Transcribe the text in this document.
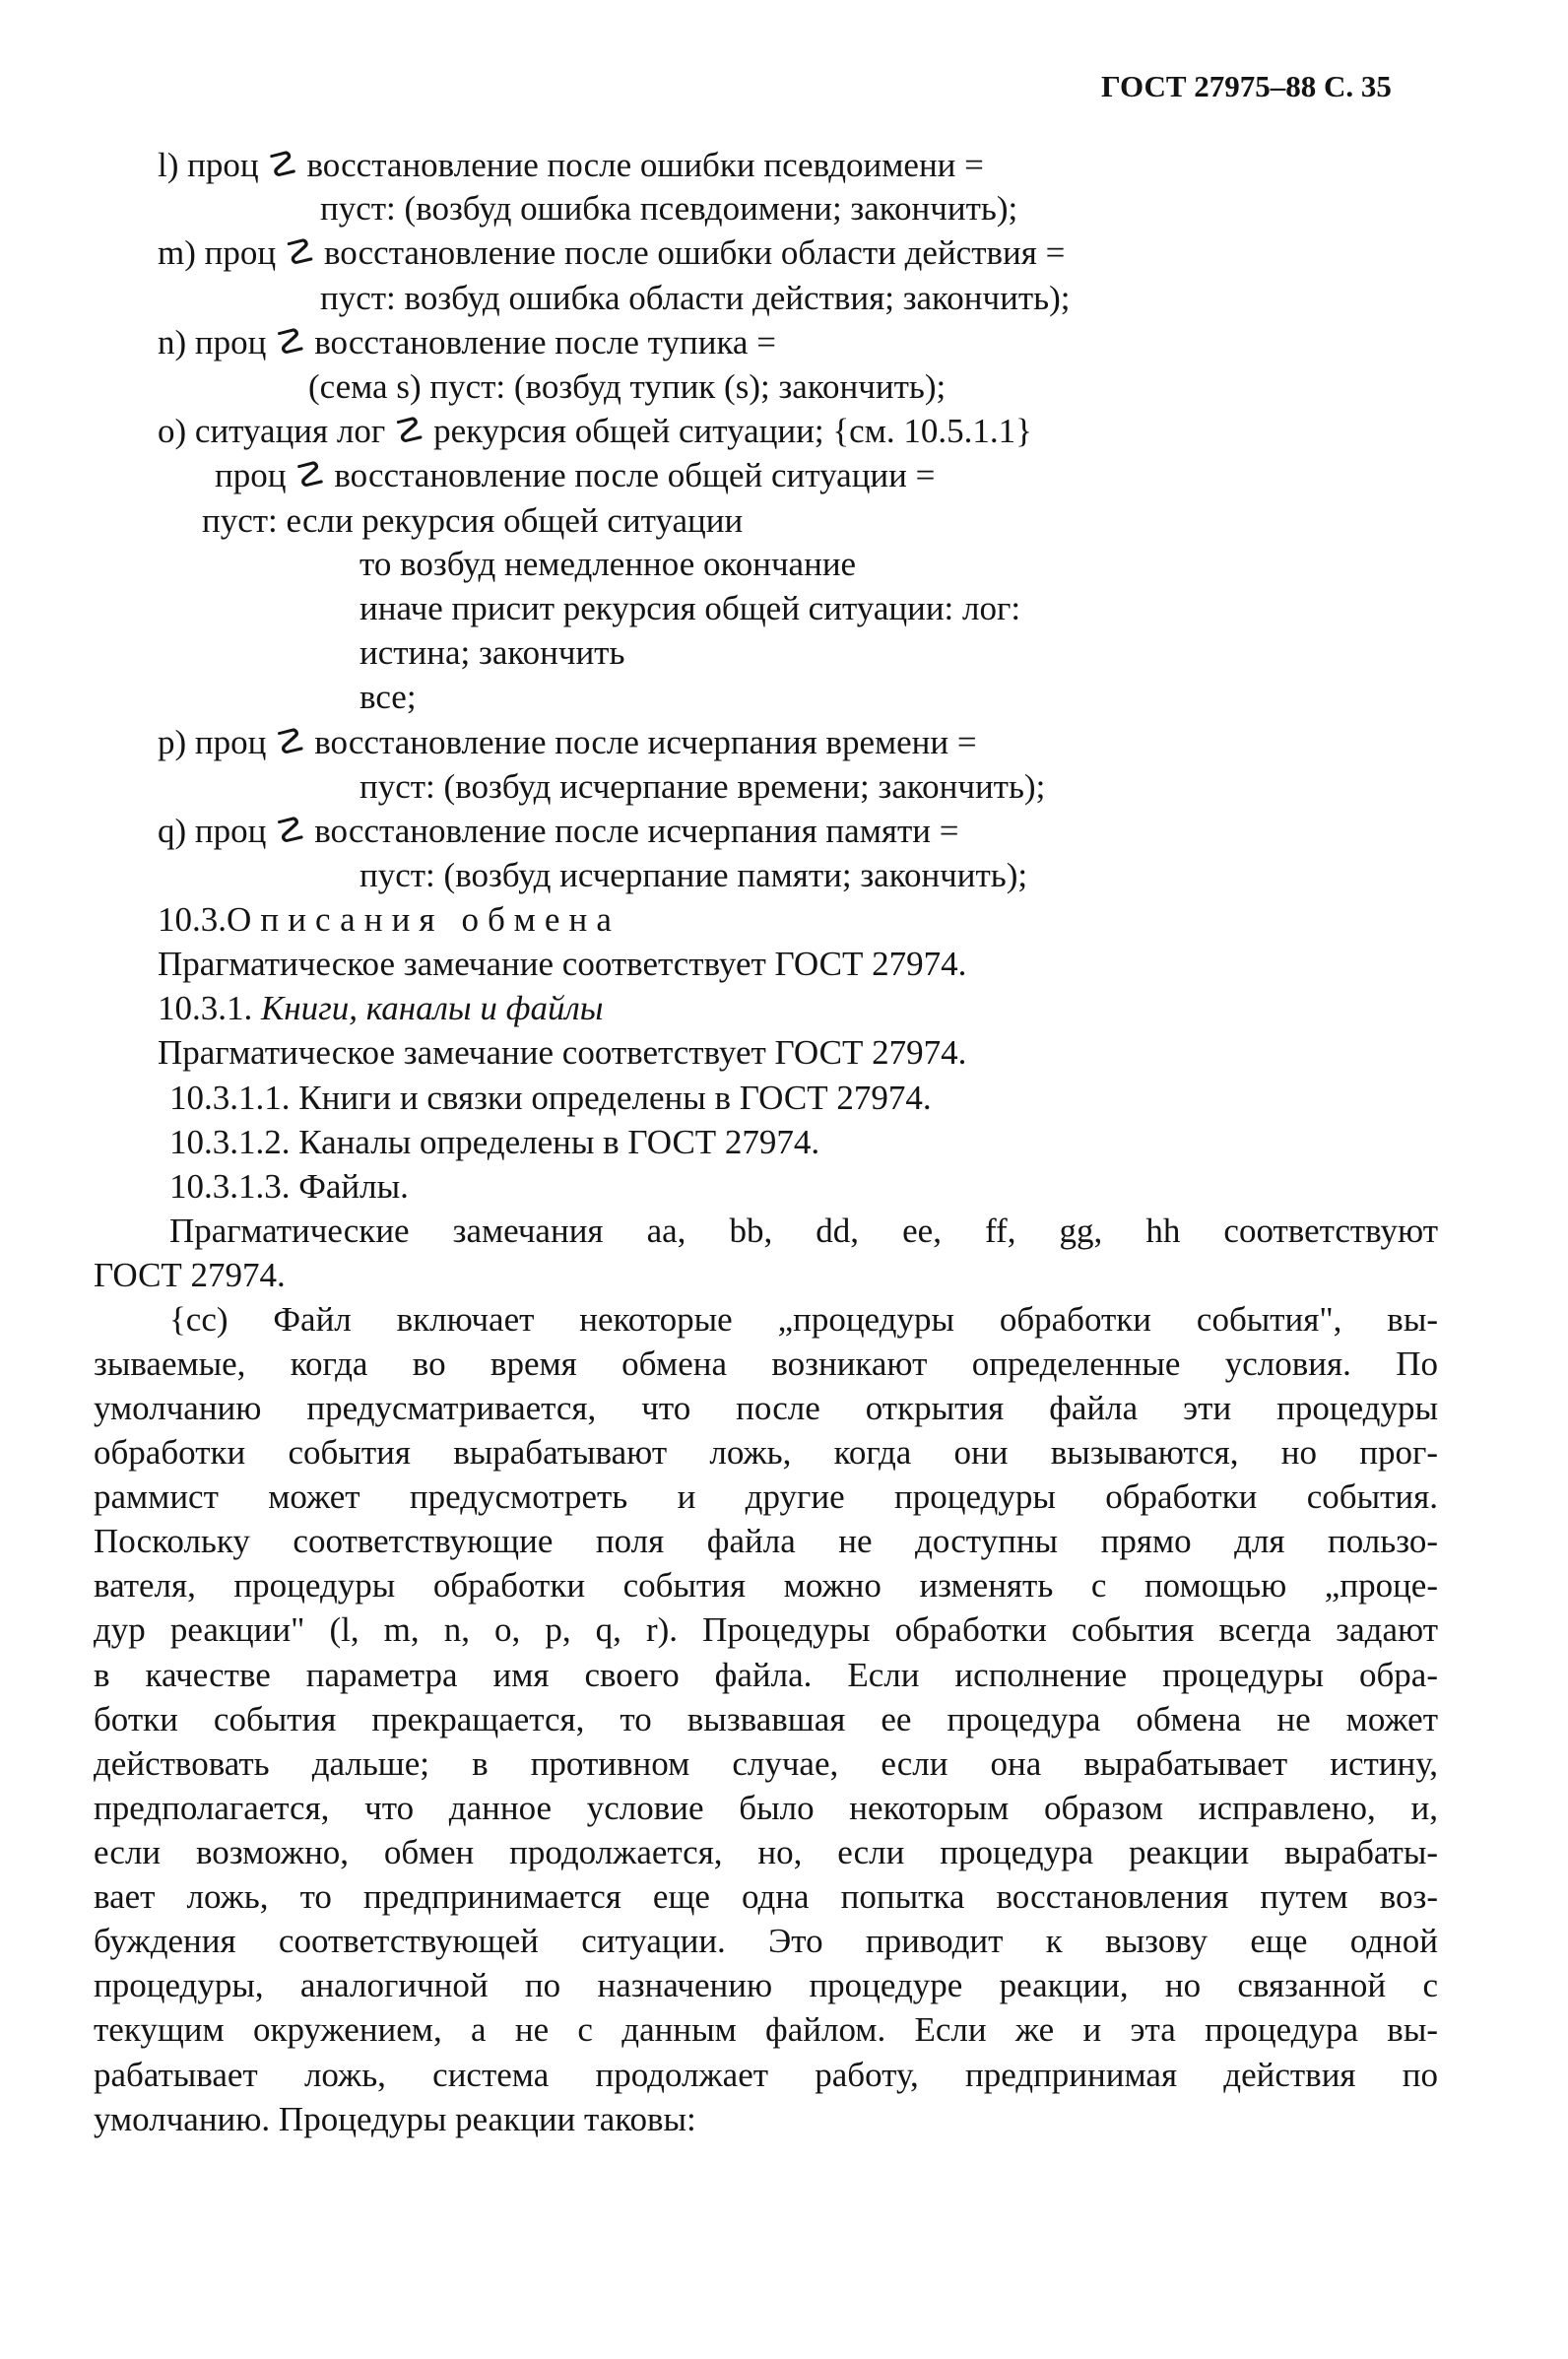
ГОСТ 27975–88 С. 35
l) проц ☡ восстановление после ошибки псевдоимени =
пуст: (возбуд ошибка псевдоимени; закончить);
m) проц ☡ восстановление после ошибки области действия =
пуст: возбуд ошибка области действия; закончить);
n) проц ☡ восстановление после тупика =
(сема s) пуст: (возбуд тупик (s); закончить);
o) ситуация лог ☡ рекурсия общей ситуации; {см. 10.5.1.1}
проц ☡ восстановление после общей ситуации =
пуст: если рекурсия общей ситуации
то возбуд немедленное окончание
иначе присит рекурсия общей ситуации: лог:
истина; закончить
все;
p) проц ☡ восстановление после исчерпания времени =
пуст: (возбуд исчерпание времени; закончить);
q) проц ☡ восстановление после исчерпания памяти =
пуст: (возбуд исчерпание памяти; закончить);
10.3.Описания обмена
Прагматическое замечание соответствует ГОСТ 27974.
10.3.1. Книги, каналы и файлы
Прагматическое замечание соответствует ГОСТ 27974.
10.3.1.1. Книги и связки определены в ГОСТ 27974.
10.3.1.2. Каналы определены в ГОСТ 27974.
10.3.1.3. Файлы.
Прагматические замечания aa, bb, dd, ee, ff, gg, hh соответствуют
ГОСТ 27974.
{cc) Файл включает некоторые „процедуры обработки события", вы-
зываемые, когда во время обмена возникают определенные условия. По
умолчанию предусматривается, что после открытия файла эти процедуры
обработки события вырабатывают ложь, когда они вызываются, но прог-
раммист может предусмотреть и другие процедуры обработки события.
Поскольку соответствующие поля файла не доступны прямо для пользо-
вателя, процедуры обработки события можно изменять с помощью „проце-
дур реакции" (l, m, n, o, p, q, r). Процедуры обработки события всегда задают
в качестве параметра имя своего файла. Если исполнение процедуры обра-
ботки события прекращается, то вызвавшая ее процедура обмена не может
действовать дальше; в противном случае, если она вырабатывает истину,
предполагается, что данное условие было некоторым образом исправлено, и,
если возможно, обмен продолжается, но, если процедура реакции вырабаты-
вает ложь, то предпринимается еще одна попытка восстановления путем воз-
буждения соответствующей ситуации. Это приводит к вызову еще одной
процедуры, аналогичной по назначению процедуре реакции, но связанной с
текущим окружением, а не с данным файлом. Если же и эта процедура вы-
рабатывает ложь, система продолжает работу, предпринимая действия по
умолчанию. Процедуры реакции таковы:
